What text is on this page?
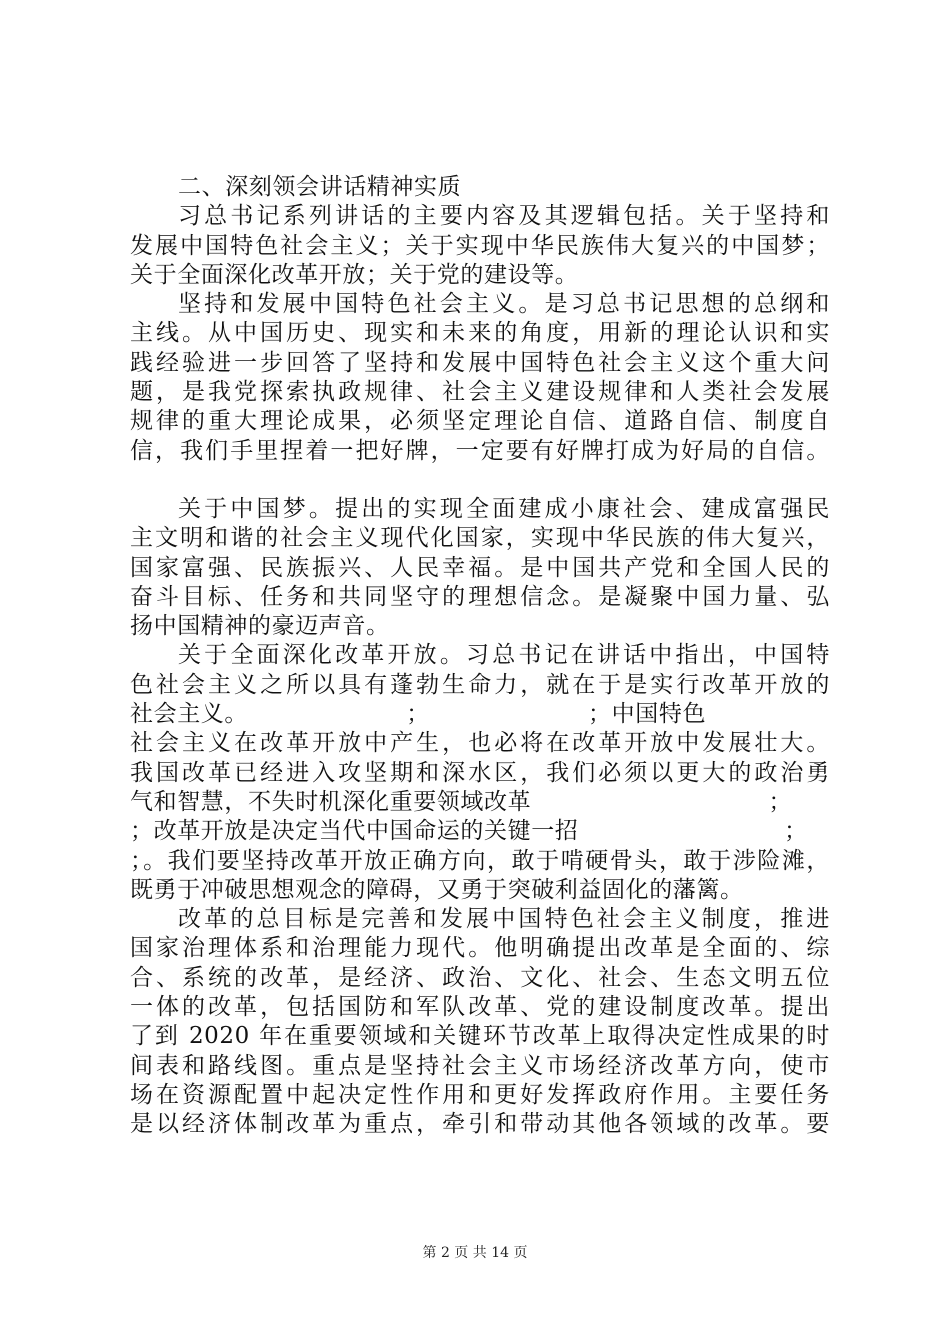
二、深刻领会讲话精神实质
习总书记系列讲话的主要内容及其逻辑包括。关于坚持和
发展中国特色社会主义；关于实现中华民族伟大复兴的中国梦；
关于全面深化改革开放；关于党的建设等。
坚持和发展中国特色社会主义。是习总书记思想的总纲和
主线。从中国历史、现实和未来的角度，用新的理论认识和实
践经验进一步回答了坚持和发展中国特色社会主义这个重大问
题，是我党探索执政规律、社会主义建设规律和人类社会发展
规律的重大理论成果，必须坚定理论自信、道路自信、制度自
信，我们手里捏着一把好牌，一定要有好牌打成为好局的自信。
关于中国梦。提出的实现全面建成小康社会、建成富强民
主文明和谐的社会主义现代化国家，实现中华民族的伟大复兴，
国家富强、民族振兴、人民幸福。是中国共产党和全国人民的
奋斗目标、任务和共同坚守的理想信念。是凝聚中国力量、弘
扬中国精神的豪迈声音。
关于全面深化改革开放。习总书记在讲话中指出，中国特
色社会主义之所以具有蓬勃生命力，就在于是实行改革开放的
社会主义。                    ；                    ；中国特色
社会主义在改革开放中产生，也必将在改革开放中发展壮大。
我国改革已经进入攻坚期和深水区，我们必须以更大的政治勇
气和智慧，不失时机深化重要领域改革                              ；
；改革开放是决定当代中国命运的关键一招                          ；
；。我们要坚持改革开放正确方向，敢于啃硬骨头，敢于涉险滩，
既勇于冲破思想观念的障碍，又勇于突破利益固化的藩篱。
改革的总目标是完善和发展中国特色社会主义制度，推进
国家治理体系和治理能力现代。他明确提出改革是全面的、综
合、系统的改革，是经济、政治、文化、社会、生态文明五位
一体的改革，包括国防和军队改革、党的建设制度改革。提出
了到 2020 年在重要领域和关键环节改革上取得决定性成果的时
间表和路线图。重点是坚持社会主义市场经济改革方向，使市
场在资源配置中起决定性作用和更好发挥政府作用。主要任务
是以经济体制改革为重点，牵引和带动其他各领域的改革。要
第 2 页 共 14 页
